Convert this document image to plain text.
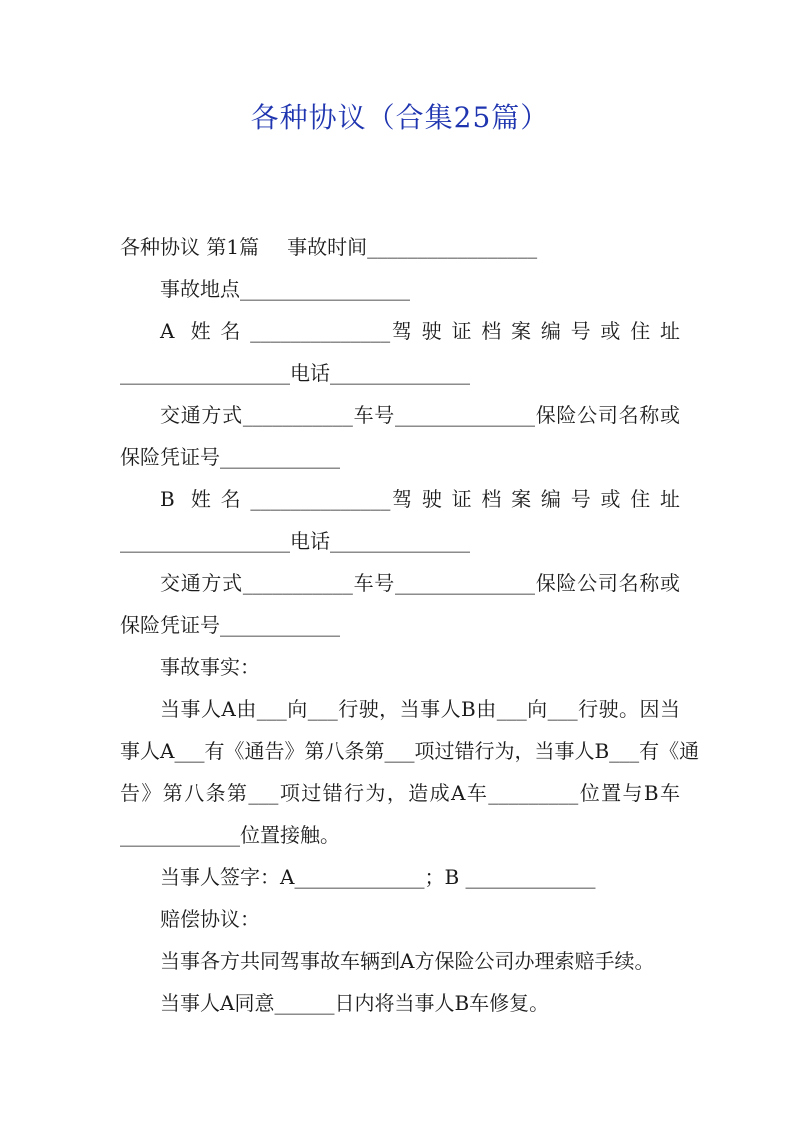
各种协议（合集25篇）
各种协议 第1篇 事故时间_________________
事故地点_________________
A  姓 名 ______________驾 驶 证 档 案 编 号 或 住 址
_________________电话______________
交通方式___________车号______________保险公司名称或
保险凭证号____________
B  姓 名 ______________驾 驶 证 档 案 编 号 或 住 址
_________________电话______________
交通方式___________车号______________保险公司名称或
保险凭证号____________
事故事实：
当事人A由___向___行驶，当事人B由___向___行驶。因当
事人A___有《通告》第八条第___项过错行为，当事人B___有《通
告》第八条第___项过错行为，造成A车_________位置与B车
____________位置接触。
当事人签字：A_____________；B _____________
赔偿协议：
当事各方共同驾事故车辆到A方保险公司办理索赔手续。
当事人A同意______日内将当事人B车修复。
